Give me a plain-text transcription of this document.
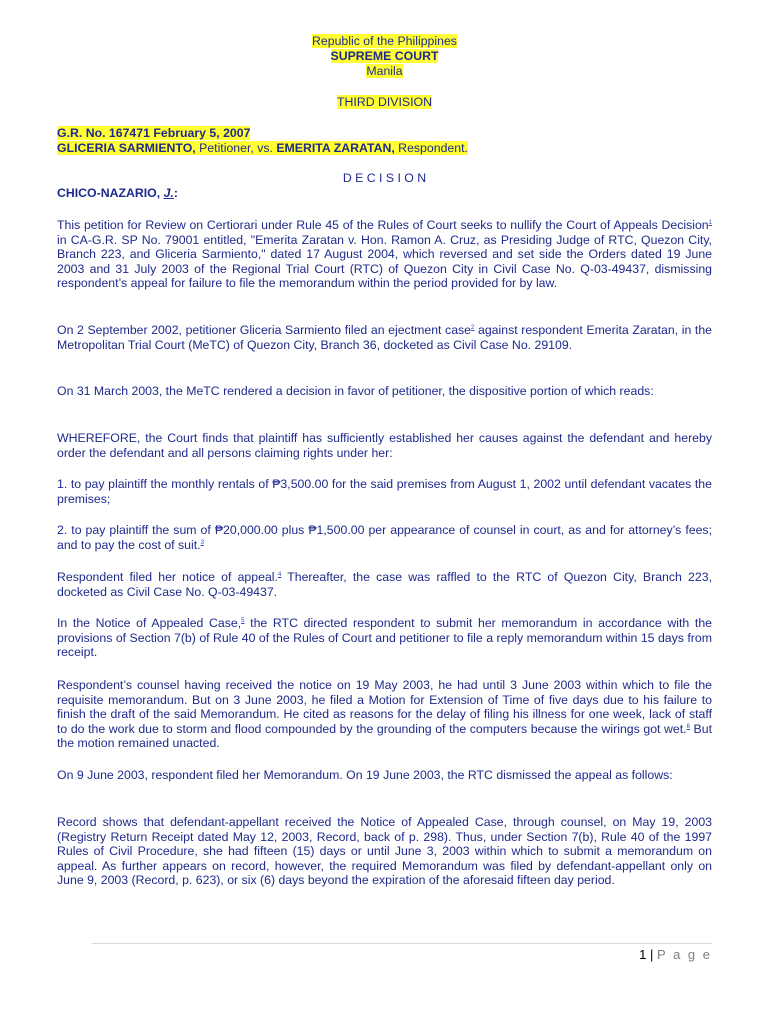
Republic of the Philippines
SUPREME COURT
Manila
THIRD DIVISION
G.R. No. 167471 February 5, 2007
GLICERIA SARMIENTO, Petitioner, vs. EMERITA ZARATAN, Respondent.
D E C I S I O N
CHICO-NAZARIO, J.:

This petition for Review on Certiorari under Rule 45 of the Rules of Court seeks to nullify the Court of Appeals Decision$^1$ in CA-G.R. SP No. 79001 entitled, "Emerita Zaratan v. Hon. Ramon A. Cruz, as Presiding Judge of RTC, Quezon City, Branch 223, and Gliceria Sarmiento," dated 17 August 2004, which reversed and set side the Orders dated 19 June 2003 and 31 July 2003 of the Regional Trial Court (RTC) of Quezon City in Civil Case No. Q-03-49437, dismissing respondent’s appeal for failure to file the memorandum within the period provided for by law.

On 2 September 2002, petitioner Gliceria Sarmiento filed an ejectment case$^2$ against respondent Emerita Zaratan, in the Metropolitan Trial Court (MeTC) of Quezon City, Branch 36, docketed as Civil Case No. 29109.

On 31 March 2003, the MeTC rendered a decision in favor of petitioner, the dispositive portion of which reads:

WHEREFORE, the Court finds that plaintiff has sufficiently established her causes against the defendant and hereby order the defendant and all persons claiming rights under her:

1. to pay plaintiff the monthly rentals of ₱3,500.00 for the said premises from August 1, 2002 until defendant vacates the premises;

2. to pay plaintiff the sum of ₱20,000.00 plus ₱1,500.00 per appearance of counsel in court, as and for attorney’s fees; and to pay the cost of suit.$^3$

Respondent filed her notice of appeal.$^4$ Thereafter, the case was raffled to the RTC of Quezon City, Branch 223, docketed as Civil Case No. Q-03-49437.

In the Notice of Appealed Case,$^5$ the RTC directed respondent to submit her memorandum in accordance with the provisions of Section 7(b) of Rule 40 of the Rules of Court and petitioner to file a reply memorandum within 15 days from receipt.

Respondent’s counsel having received the notice on 19 May 2003, he had until 3 June 2003 within which to file the requisite memorandum. But on 3 June 2003, he filed a Motion for Extension of Time of five days due to his failure to finish the draft of the said Memorandum. He cited as reasons for the delay of filing his illness for one week, lack of staff to do the work due to storm and flood compounded by the grounding of the computers because the wirings got wet.$^6$ But the motion remained unacted.

On 9 June 2003, respondent filed her Memorandum. On 19 June 2003, the RTC dismissed the appeal as follows:

Record shows that defendant-appellant received the Notice of Appealed Case, through counsel, on May 19, 2003 (Registry Return Receipt dated May 12, 2003, Record, back of p. 298). Thus, under Section 7(b), Rule 40 of the 1997 Rules of Civil Procedure, she had fifteen (15) days or until June 3, 2003 within which to submit a memorandum on appeal. As further appears on record, however, the required Memorandum was filed by defendant-appellant only on June 9, 2003 (Record, p. 623), or six (6) days beyond the expiration of the aforesaid fifteen day period.

1 | P a g e
